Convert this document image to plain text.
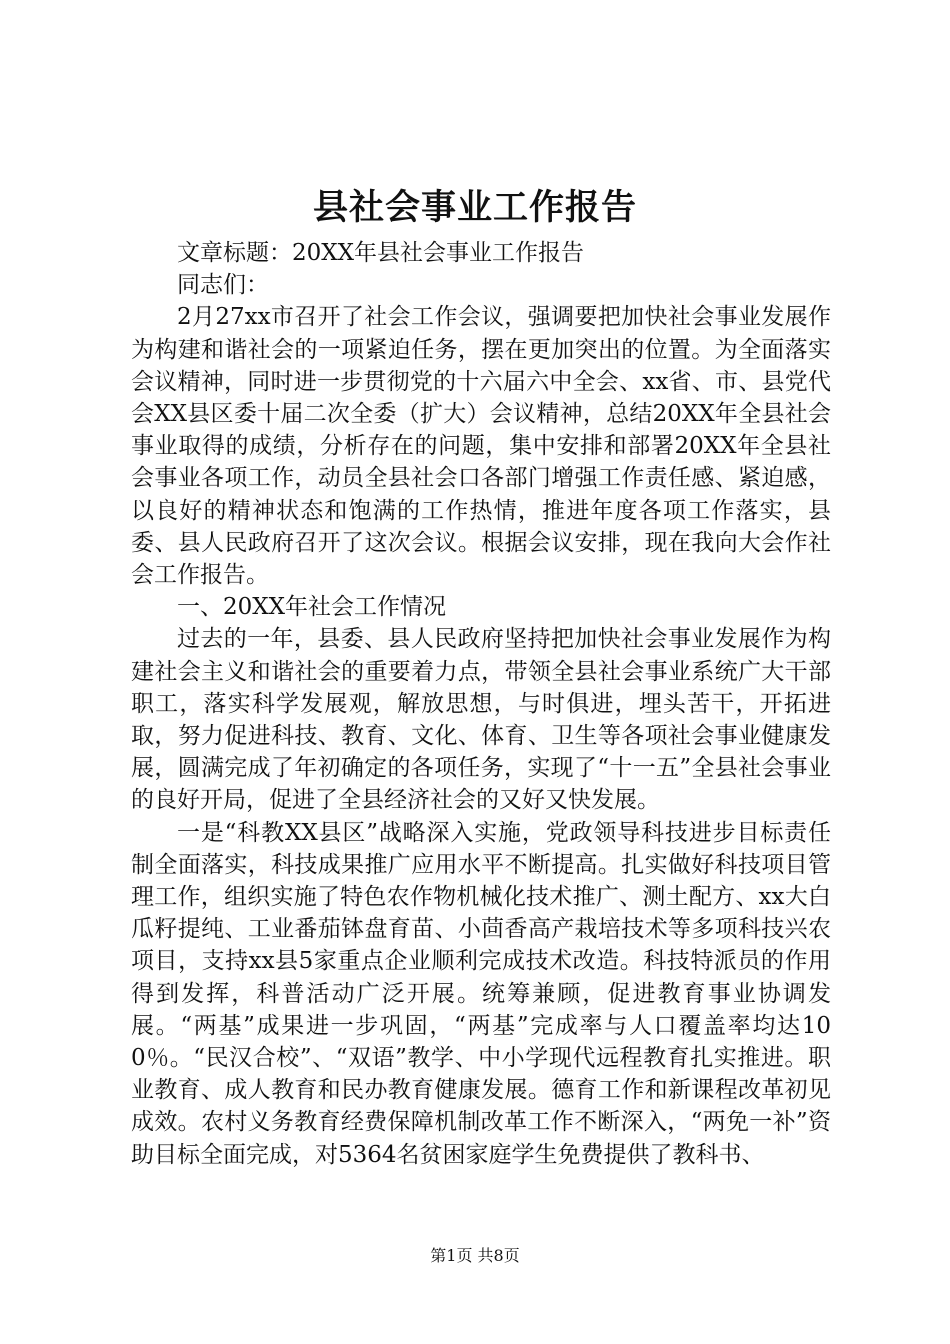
县社会事业工作报告

文章标题：20XX年县社会事业工作报告

同志们：

2月27xx市召开了社会工作会议，强调要把加快社会事业发展作为构建和谐社会的一项紧迫任务，摆在更加突出的位置。为全面落实会议精神，同时进一步贯彻党的十六届六中全会、xx省、市、县党代会XX县区委十届二次全委（扩大）会议精神，总结20XX年全县社会事业取得的成绩，分析存在的问题，集中安排和部署20XX年全县社会事业各项工作，动员全县社会口各部门增强工作责任感、紧迫感，以良好的精神状态和饱满的工作热情，推进年度各项工作落实，县委、县人民政府召开了这次会议。根据会议安排，现在我向大会作社会工作报告。

一、20XX年社会工作情况

过去的一年，县委、县人民政府坚持把加快社会事业发展作为构建社会主义和谐社会的重要着力点，带领全县社会事业系统广大干部职工，落实科学发展观，解放思想，与时俱进，埋头苦干，开拓进取，努力促进科技、教育、文化、体育、卫生等各项社会事业健康发展，圆满完成了年初确定的各项任务，实现了“十一五”全县社会事业的良好开局，促进了全县经济社会的又好又快发展。

一是“科教XX县区”战略深入实施，党政领导科技进步目标责任制全面落实，科技成果推广应用水平不断提高。扎实做好科技项目管理工作，组织实施了特色农作物机械化技术推广、测土配方、xx大白瓜籽提纯、工业番茄钵盘育苗、小茴香高产栽培技术等多项科技兴农项目，支持xx县5家重点企业顺利完成技术改造。科技特派员的作用得到发挥，科普活动广泛开展。统筹兼顾，促进教育事业协调发展。“两基”成果进一步巩固，“两基”完成率与人口覆盖率均达100％。“民汉合校”、“双语”教学、中小学现代远程教育扎实推进。职业教育、成人教育和民办教育健康发展。德育工作和新课程改革初见成效。农村义务教育经费保障机制改革工作不断深入，“两免一补”资助目标全面完成，对5364名贫困家庭学生免费提供了教科书、

第1页 共8页
